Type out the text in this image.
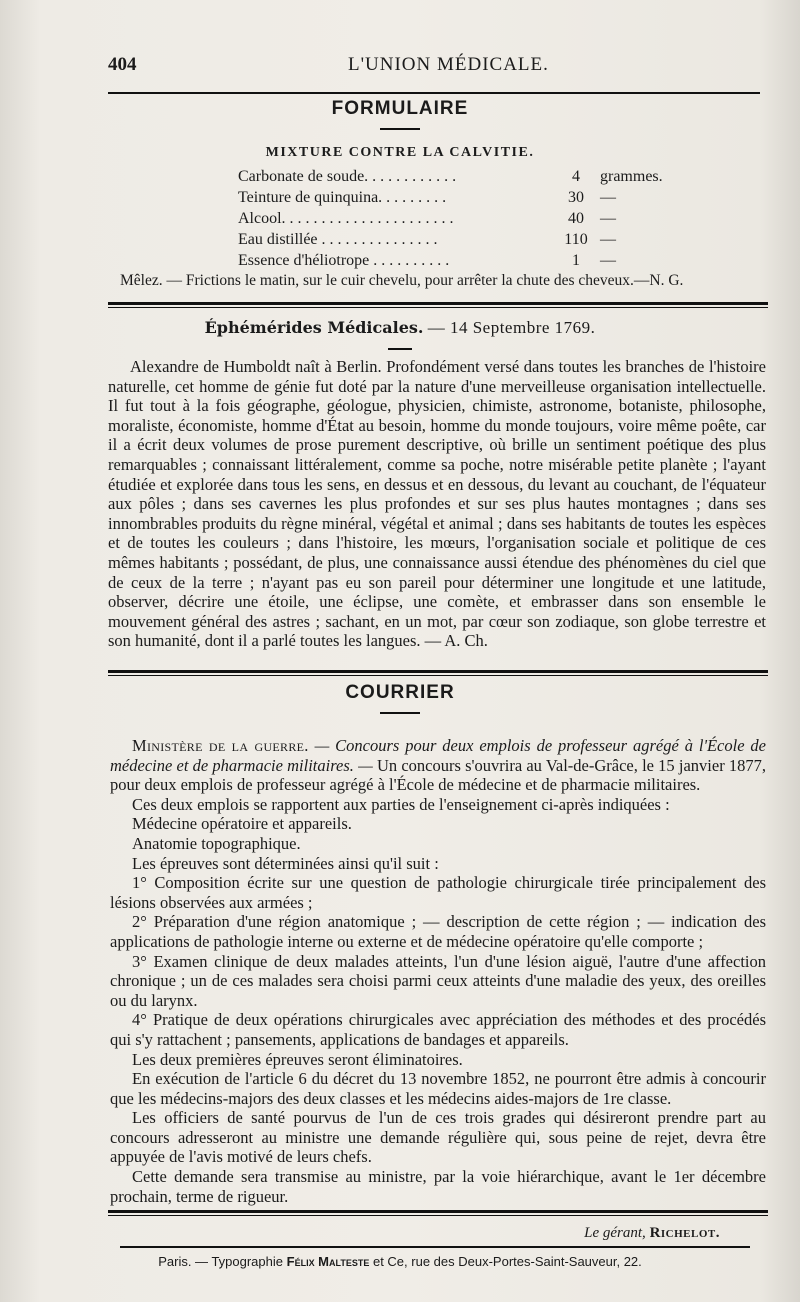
404	L'UNION MÉDICALE.
FORMULAIRE
MIXTURE CONTRE LA CALVITIE.
Carbonate de soude. . . . . . . . . . . .	4	grammes.
Teinture de quinquina. . . . . . . . .	30	—
Alcool. . . . . . . . . . . . . . . . . . . . . .	40	—
Eau distillée . . . . . . . . . . . . . . .	110 —
Essence d'héliotrope . . . . . . . . . .	1	—
Mêlez. — Frictions le matin, sur le cuir chevelu, pour arrêter la chute des cheveux.—N. G.
Éphémérides Médicales. — 14 Septembre 1769.

Alexandre de Humboldt naît à Berlin. Profondément versé dans toutes les branches de l'histoire naturelle, cet homme de génie fut doté par la nature d'une merveilleuse organisation intellectuelle. Il fut tout à la fois géographe, géologue, physicien, chimiste, astronome, botaniste, philosophe, moraliste, économiste, homme d'État au besoin, homme du monde toujours, voire même poête, car il a écrit deux volumes de prose purement descriptive, où brille un sentiment poétique des plus remarquables ; connaissant littéralement, comme sa poche, notre misérable petite planète ; l'ayant étudiée et explorée dans tous les sens, en dessus et en dessous, du levant au couchant, de l'équateur aux pôles ; dans ses cavernes les plus profondes et sur ses plus hautes montagnes ; dans ses innombrables produits du règne minéral, végétal et animal ; dans ses habitants de toutes les espèces et de toutes les couleurs ; dans l'histoire, les mœurs, l'organisation sociale et politique de ces mêmes habitants ; possédant, de plus, une connaissance aussi étendue des phénomènes du ciel que de ceux de la terre ; n'ayant pas eu son pareil pour déterminer une longitude et une latitude, observer, décrire une étoile, une éclipse, une comète, et embrasser dans son ensemble le mouvement général des astres ; sachant, en un mot, par cœur son zodiaque, son globe terrestre et son humanité, dont il a parlé toutes les langues. — A. Ch.

COURRIER

Ministère de la guerre. — Concours pour deux emplois de professeur agrégé à l'École de médecine et de pharmacie militaires. — Un concours s'ouvrira au Val-de-Grâce, le 15 janvier 1877, pour deux emplois de professeur agrégé à l'École de médecine et de pharmacie militaires.

Ces deux emplois se rapportent aux parties de l'enseignement ci-après indiquées :

Médecine opératoire et appareils.

Anatomie topographique.

Les épreuves sont déterminées ainsi qu'il suit :

1° Composition écrite sur une question de pathologie chirurgicale tirée principalement des lésions observées aux armées ;

2° Préparation d'une région anatomique ; — description de cette région ; — indication des applications de pathologie interne ou externe et de médecine opératoire qu'elle comporte ;

3° Examen clinique de deux malades atteints, l'un d'une lésion aiguë, l'autre d'une affection chronique ; un de ces malades sera choisi parmi ceux atteints d'une maladie des yeux, des oreilles ou du larynx.

4° Pratique de deux opérations chirurgicales avec appréciation des méthodes et des procédés qui s'y rattachent ; pansements, applications de bandages et appareils.

Les deux premières épreuves seront éliminatoires.

En exécution de l'article 6 du décret du 13 novembre 1852, ne pourront être admis à concourir que les médecins-majors des deux classes et les médecins aides-majors de 1re classe.

Les officiers de santé pourvus de l'un de ces trois grades qui désireront prendre part au concours adresseront au ministre une demande régulière qui, sous peine de rejet, devra être appuyée de l'avis motivé de leurs chefs.

Cette demande sera transmise au ministre, par la voie hiérarchique, avant le 1er décembre prochain, terme de rigueur.

Le gérant, Richelot.
Paris. — Typographie Félix Malteste et Ce, rue des Deux-Portes-Saint-Sauveur, 22.
